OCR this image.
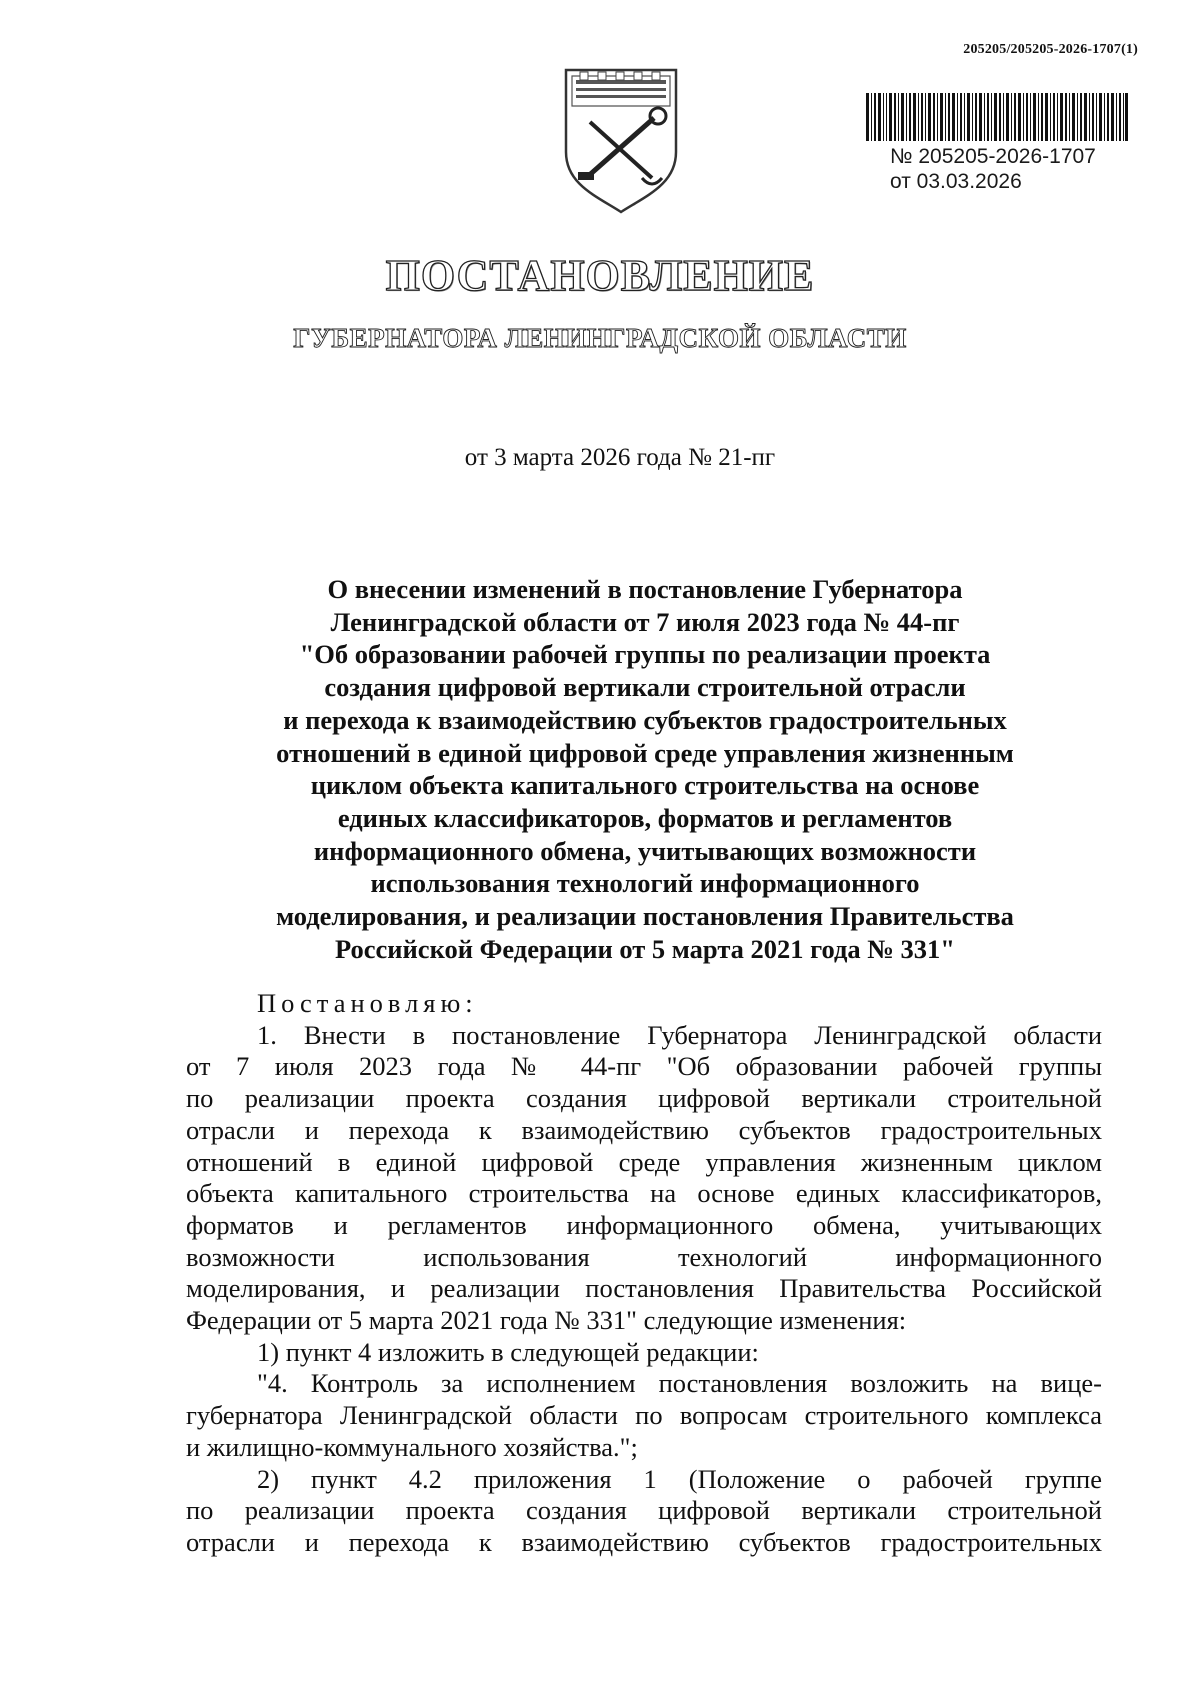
205205/205205-2026-1707(1)
№ 205205-2026-1707
от 03.03.2026
ПОСТАНОВЛЕНИЕ
ГУБЕРНАТОРА ЛЕНИНГРАДСКОЙ ОБЛАСТИ
от 3 марта 2026 года № 21-пг
О внесении изменений в постановление Губернатора
Ленинградской области от 7 июля 2023 года № 44-пг
"Об образовании рабочей группы по реализации проекта
создания цифровой вертикали строительной отрасли
и перехода к взаимодействию субъектов градостроительных
отношений в единой цифровой среде управления жизненным
циклом объекта капитального строительства на основе
единых классификаторов, форматов и регламентов
информационного обмена, учитывающих возможности
использования технологий информационного
моделирования, и реализации постановления Правительства
Российской Федерации от 5 марта 2021 года № 331"
Постановляю:
1. Внести в постановление Губернатора Ленинградской области
от 7 июля 2023 года № 44-пг "Об образовании рабочей группы
по реализации проекта создания цифровой вертикали строительной
отрасли и перехода к взаимодействию субъектов градостроительных
отношений в единой цифровой среде управления жизненным циклом
объекта капитального строительства на основе единых классификаторов,
форматов и регламентов информационного обмена, учитывающих
возможности использования технологий информационного
моделирования, и реализации постановления Правительства Российской
Федерации от 5 марта 2021 года № 331" следующие изменения:
1) пункт 4 изложить в следующей редакции:
"4. Контроль за исполнением постановления возложить на вице-
губернатора Ленинградской области по вопросам строительного комплекса
и жилищно-коммунального хозяйства.";
2) пункт 4.2 приложения 1 (Положение о рабочей группе
по реализации проекта создания цифровой вертикали строительной
отрасли и перехода к взаимодействию субъектов градостроительных
